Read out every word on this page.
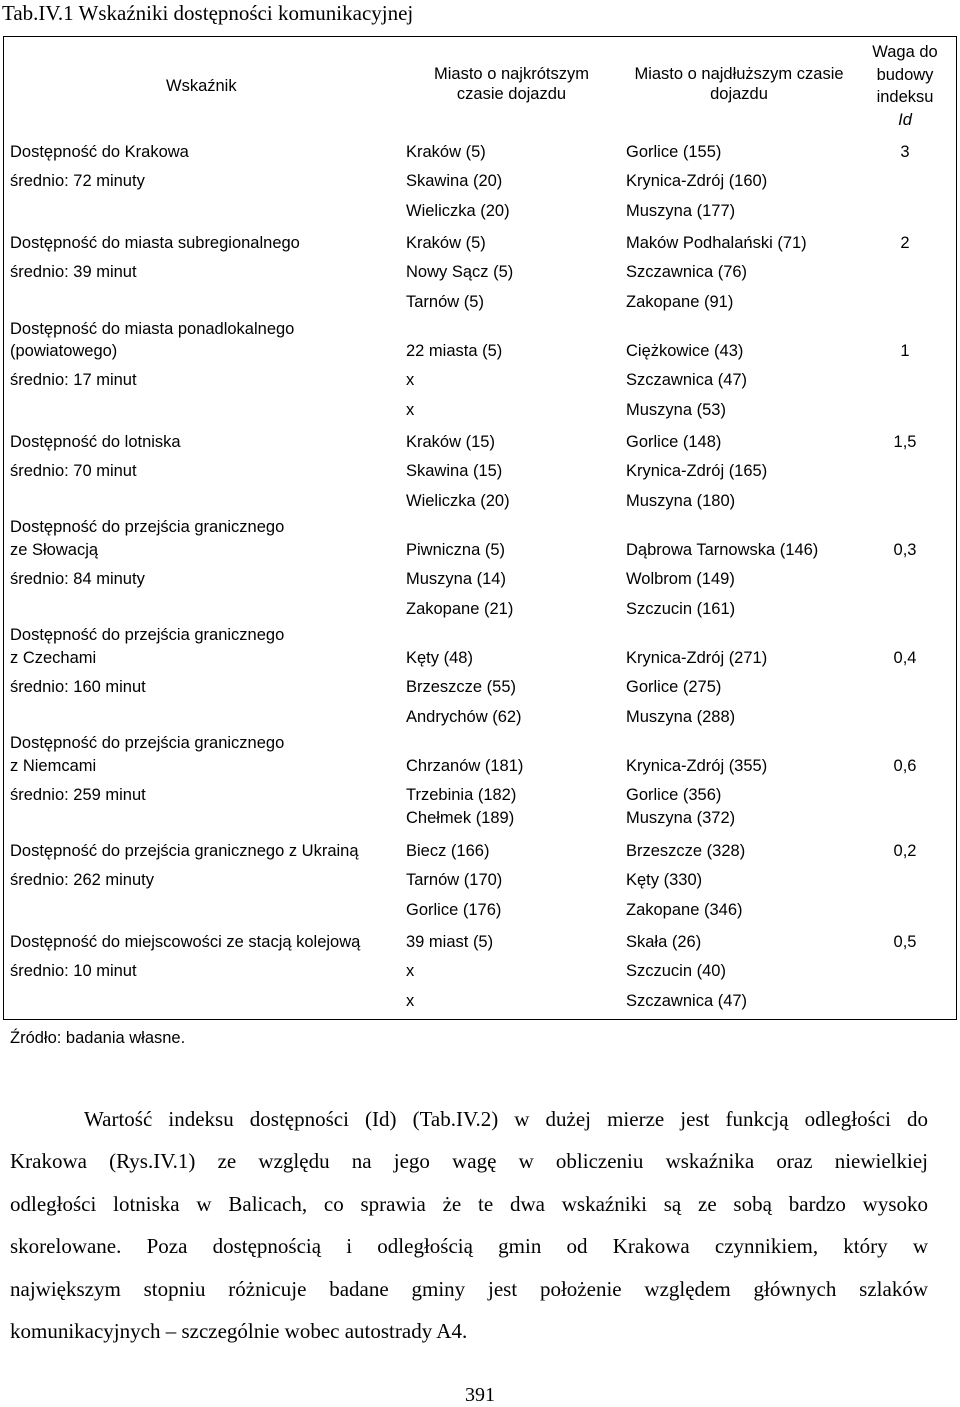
Tab.IV.1 Wskaźniki dostępności komunikacyjnej
Wskaźnik
Miasto o najkrótszym
czasie dojazdu
Miasto o najdłuższym czasie
dojazdu
Waga do
budowy
indeksu
Id
Dostępność do Krakowa
średnio: 72 minuty
Kraków (5)
Skawina (20)
Wieliczka (20)
Gorlice (155)
Krynica-Zdrój (160)
Muszyna (177)
3
Dostępność do miasta subregionalnego
średnio: 39 minut
Kraków (5)
Nowy Sącz (5)
Tarnów (5)
Maków Podhalański (71)
Szczawnica (76)
Zakopane (91)
2
Dostępność do miasta ponadlokalnego
(powiatowego)
średnio: 17 minut
22 miasta (5)
x
x
Ciężkowice (43)
Szczawnica (47)
Muszyna (53)
1
Dostępność do lotniska
średnio: 70 minut
Kraków (15)
Skawina (15)
Wieliczka (20)
Gorlice (148)
Krynica-Zdrój (165)
Muszyna (180)
1,5
Dostępność do przejścia granicznego
ze Słowacją
średnio: 84 minuty
Piwniczna (5)
Muszyna (14)
Zakopane (21)
Dąbrowa Tarnowska (146)
Wolbrom (149)
Szczucin (161)
0,3
Dostępność do przejścia granicznego
z Czechami
średnio: 160 minut
Kęty (48)
Brzeszcze (55)
Andrychów (62)
Krynica-Zdrój (271)
Gorlice (275)
Muszyna (288)
0,4
Dostępność do przejścia granicznego
z Niemcami
średnio: 259 minut
Chrzanów (181)
Trzebinia (182)
Chełmek (189)
Krynica-Zdrój (355)
Gorlice (356)
Muszyna (372)
0,6
Dostępność do przejścia granicznego z Ukrainą
średnio: 262 minuty
Biecz (166)
Tarnów (170)
Gorlice (176)
Brzeszcze (328)
Kęty (330)
Zakopane (346)
0,2
Dostępność do miejscowości ze stacją kolejową
średnio: 10 minut
39 miast (5)
x
x
Skała (26)
Szczucin (40)
Szczawnica (47)
0,5
Źródło: badania własne.
Wartość indeksu dostępności (Id) (Tab.IV.2) w dużej mierze jest funkcją odległości do
Krakowa (Rys.IV.1) ze względu na jego wagę w obliczeniu wskaźnika oraz niewielkiej
odległości lotniska w Balicach, co sprawia że te dwa wskaźniki są ze sobą bardzo wysoko
skorelowane. Poza dostępnością i odległością gmin od Krakowa czynnikiem, który w
największym stopniu różnicuje badane gminy jest położenie względem głównych szlaków
komunikacyjnych – szczególnie wobec autostrady A4.
391
